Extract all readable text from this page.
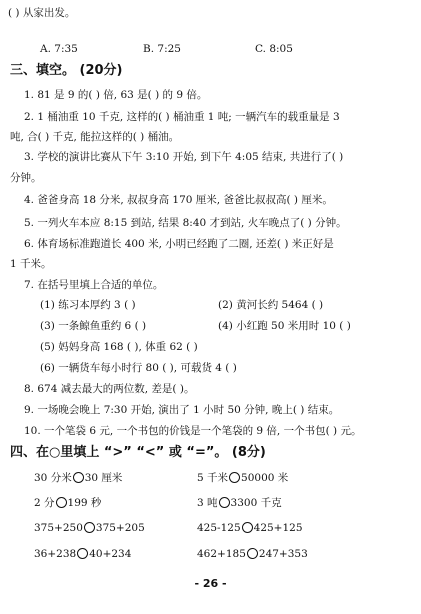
( ) 从家出发。
A. 7:35	B. 7:25	C. 8:05
三、填空。 (20分)
1. 81 是 9 的( ) 倍, 63 是( ) 的 9 倍。
2. 1 桶油重 10 千克, 这样的( ) 桶油重 1 吨; 一辆汽车的载重量是 3
吨, 合( ) 千克, 能拉这样的( ) 桶油。
3. 学校的演讲比赛从下午 3:10 开始, 到下午 4:05 结束, 共进行了( )
分钟。
4. 爸爸身高 18 分米, 叔叔身高 170 厘米, 爸爸比叔叔高( ) 厘米。
5. 一列火车本应 8:15 到站, 结果 8:40 才到站, 火车晚点了( ) 分钟。
6. 体育场标准跑道长 400 米, 小明已经跑了二圈, 还差( ) 米正好是
1 千米。
7. 在括号里填上合适的单位。
(1) 练习本厚约 3 ( )	(2) 黄河长约 5464 ( )
(3) 一条鲸鱼重约 6 ( )	(4) 小红跑 50 米用时 10 ( )
(5) 妈妈身高 168 ( ), 体重 62 ( )
(6) 一辆货车每小时行 80 ( ), 可载货 4 ( )
8. 674 减去最大的两位数, 差是( )。
9. 一场晚会晚上 7:30 开始, 演出了 1 小时 50 分钟, 晚上( ) 结束。
10. 一个笔袋 6 元, 一个书包的价钱是一个笔袋的 9 倍, 一个书包( ) 元。
四、在○里填上 “>” “<” 或 “=”。 (8分)
30 分米 30 厘米	5 千米 50000 米
2 分 199 秒	3 吨 3300 千克
375+250 375+205	425-125 425+125
36+238 40+234	462+185 247+353
- 26 -
